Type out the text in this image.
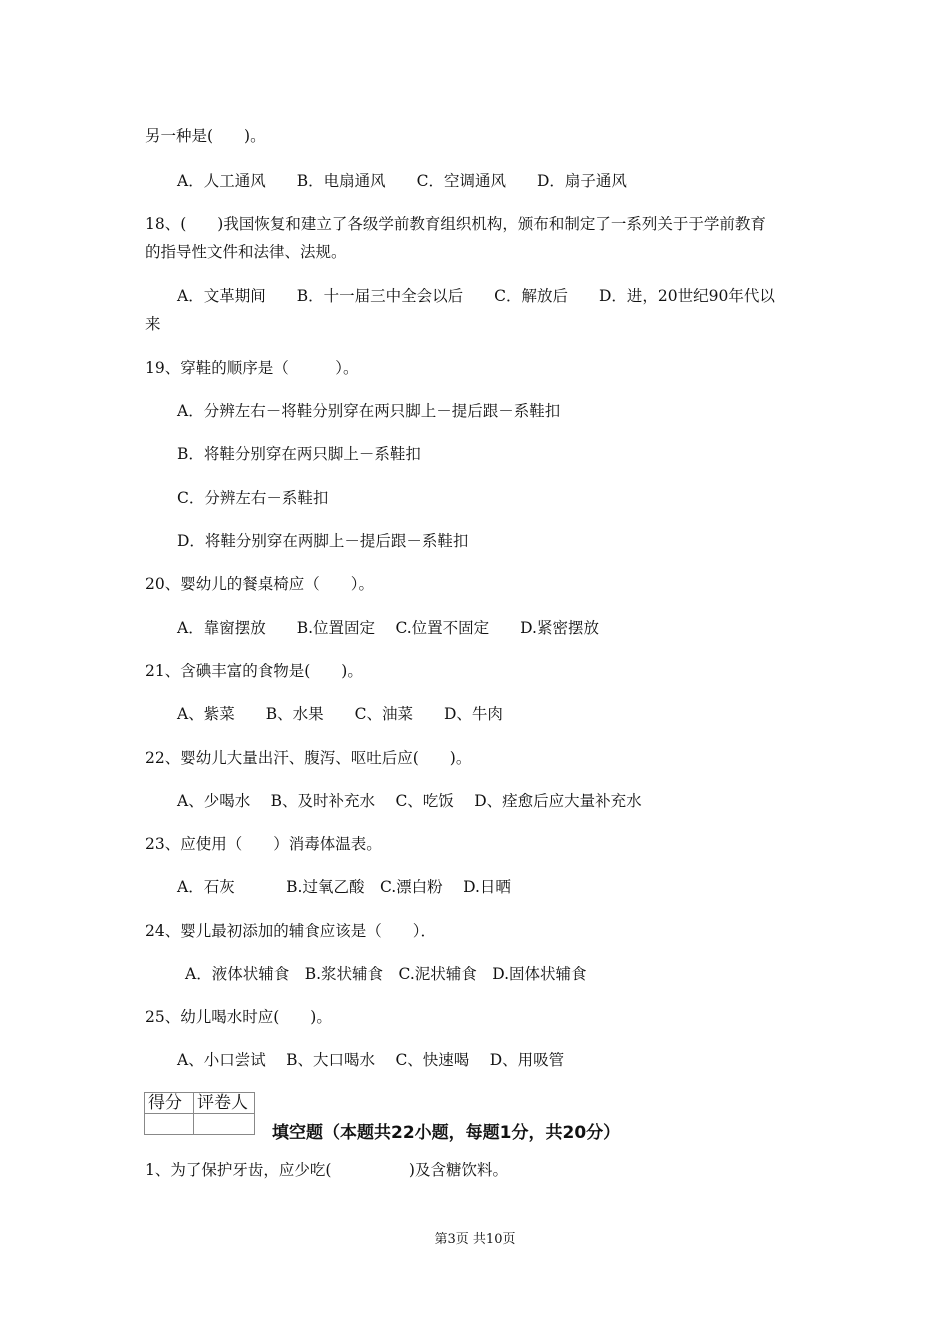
另一种是(　　)。
A．人工通风　　B．电扇通风　　C．空调通风　　D．扇子通风
18、(　　)我国恢复和建立了各级学前教育组织机构，颁布和制定了一系列关于于学前教育
的指导性文件和法律、法规。
A．文革期间　　B．十一届三中全会以后　　C．解放后　　D．进，20世纪90年代以
来
19、穿鞋的顺序是（　　　）。
A．分辨左右－将鞋分别穿在两只脚上－提后跟－系鞋扣
B．将鞋分别穿在两只脚上－系鞋扣
C．分辨左右－系鞋扣
D．将鞋分别穿在两脚上－提后跟－系鞋扣
20、婴幼儿的餐桌椅应（　　）。
A．靠窗摆放　　B.位置固定　 C.位置不固定　　D.紧密摆放
21、含碘丰富的食物是(　　)。
A、紫菜　　B、水果　　C、油菜　　D、牛肉
22、婴幼儿大量出汗、腹泻、呕吐后应(　　)。
A、少喝水　 B、及时补充水　 C、吃饭　 D、痊愈后应大量补充水
23、应使用（　　）消毒体温表。
A．石灰　　　 B.过氧乙酸　C.漂白粉　 D.日晒
24、婴儿最初添加的辅食应该是（　　）．
A．液体状辅食　B.浆状辅食　C.泥状辅食　D.固体状辅食
25、幼儿喝水时应(　　)。
A、小口尝试　 B、大口喝水　 C、快速喝　 D、用吸管
得分	评卷人

填空题（本题共22小题，每题1分，共20分）
1、为了保护牙齿，应少吃(　　　　　)及含糖饮料。
第3页 共10页
